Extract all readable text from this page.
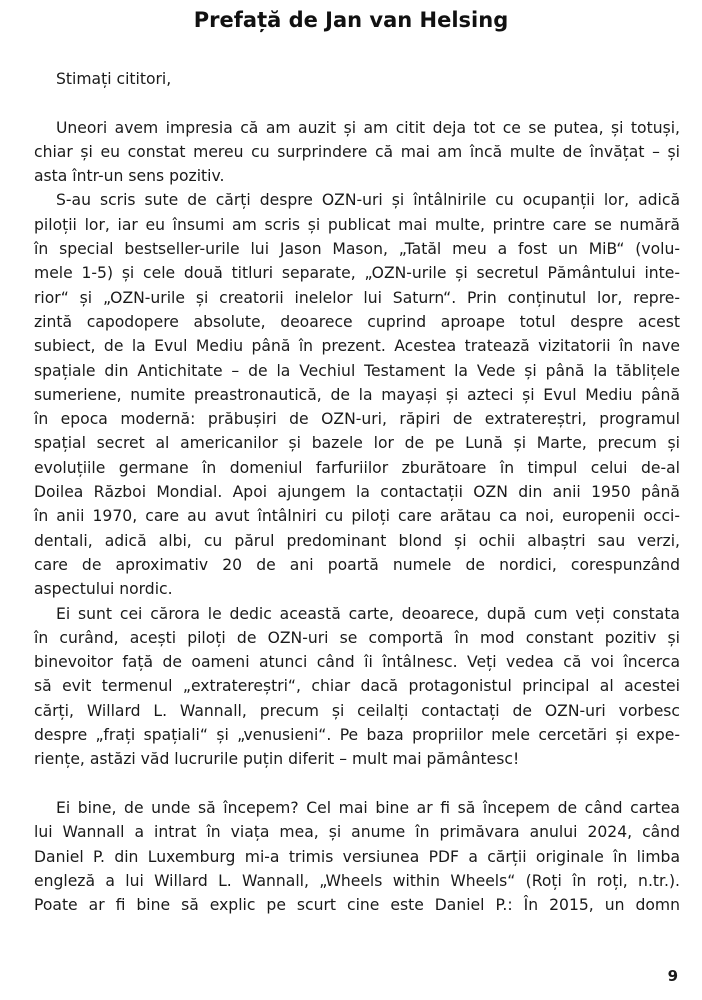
Prefață de Jan van Helsing
Stimați cititori,
Uneori avem impresia că am auzit și am citit deja tot ce se putea, și totuși,
chiar și eu constat mereu cu surprindere că mai am încă multe de învățat – și
asta într-un sens pozitiv.
S-au scris sute de cărți despre OZN-uri și întâlnirile cu ocupanții lor, adică
piloții lor, iar eu însumi am scris și publicat mai multe, printre care se numără
în special bestseller-urile lui Jason Mason, „Tatăl meu a fost un MiB“ (volu-
mele 1-5) și cele două titluri separate, „OZN-urile și secretul Pământului inte-
rior“ și „OZN-urile și creatorii inelelor lui Saturn“. Prin conținutul lor, repre-
zintă capodopere absolute, deoarece cuprind aproape totul despre acest
subiect, de la Evul Mediu până în prezent. Acestea tratează vizitatorii în nave
spațiale din Antichitate – de la Vechiul Testament la Vede și până la tăblițele
sumeriene, numite preastronautică, de la mayași și azteci și Evul Mediu până
în epoca modernă: prăbușiri de OZN-uri, răpiri de extratereștri, programul
spațial secret al americanilor și bazele lor de pe Lună și Marte, precum și
evoluțiile germane în domeniul farfuriilor zburătoare în timpul celui de-al
Doilea Război Mondial. Apoi ajungem la contactații OZN din anii 1950 până
în anii 1970, care au avut întâlniri cu piloți care arătau ca noi, europenii occi-
dentali, adică albi, cu părul predominant blond și ochii albaștri sau verzi,
care de aproximativ 20 de ani poartă numele de nordici, corespunzând
aspectului nordic.
Ei sunt cei cărora le dedic această carte, deoarece, după cum veți constata
în curând, acești piloți de OZN-uri se comportă în mod constant pozitiv și
binevoitor față de oameni atunci când îi întâlnesc. Veți vedea că voi încerca
să evit termenul „extratereștri“, chiar dacă protagonistul principal al acestei
cărți, Willard L. Wannall, precum și ceilalți contactați de OZN-uri vorbesc
despre „frați spațiali“ și „venusieni“. Pe baza propriilor mele cercetări și expe-
riențe, astăzi văd lucrurile puțin diferit – mult mai pământesc!
Ei bine, de unde să începem? Cel mai bine ar fi să începem de când cartea
lui Wannall a intrat în viața mea, și anume în primăvara anului 2024, când
Daniel P. din Luxemburg mi-a trimis versiunea PDF a cărții originale în limba
engleză a lui Willard L. Wannall, „Wheels within Wheels“ (Roți în roți, n.tr.).
Poate ar fi bine să explic pe scurt cine este Daniel P.: În 2015, un domn
9
